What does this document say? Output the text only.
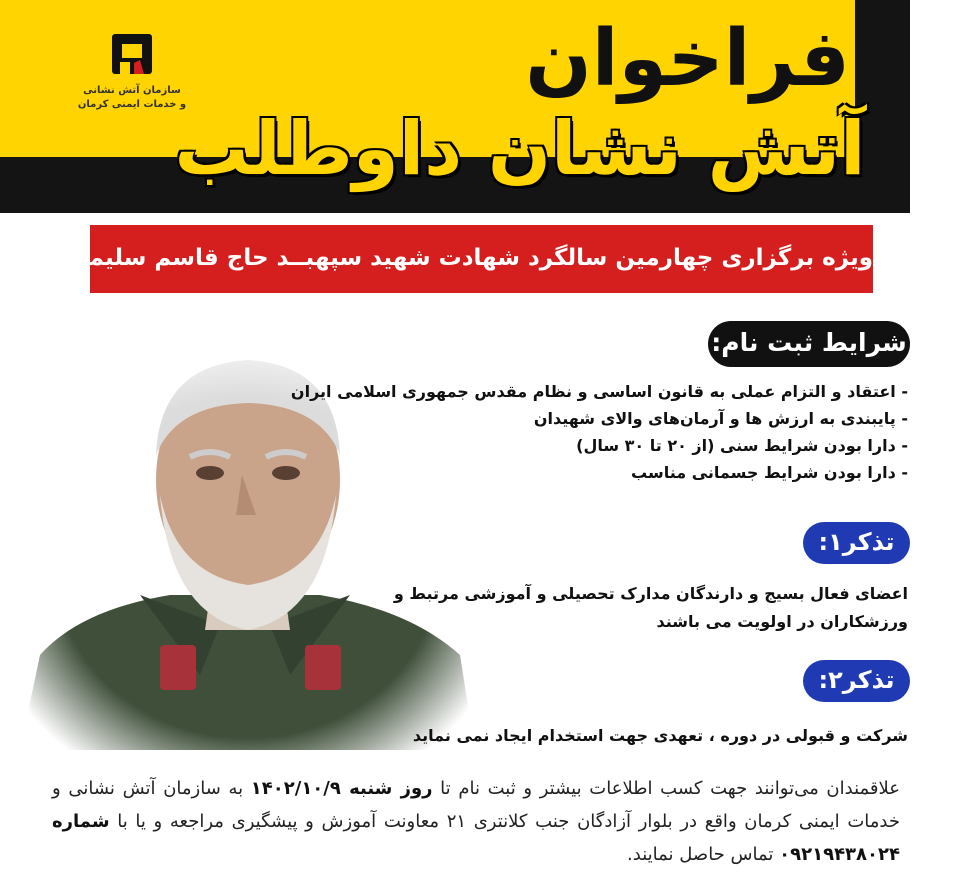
فراخوان
آتش نشان داوطلب
سازمان آتش نشانی
و خدمات ایمنی کرمان
ویژه برگزاری چهارمین سالگرد شهادت شهید سپهبــد حاج قاسم سلیمانی
شرایط ثبت نام:
- اعتقاد و التزام عملی به قانون اساسی و نظام مقدس جمهوری اسلامی ایران
- پایبندی به ارزش ها و آرمان‌های والای شهیدان
- دارا بودن شرایط سنی (از ۲۰ تا ۳۰ سال)
- دارا بودن شرایط جسمانی مناسب
تذکر۱:
اعضای فعال بسیج و دارندگان مدارک تحصیلی و آموزشی مرتبط و ورزشکاران در اولویت می باشند
تذکر۲:
شرکت و قبولی در دوره ، تعهدی جهت استخدام ایجاد نمی نماید
علاقمندان می‌توانند جهت کسب اطلاعات بیشتر و ثبت نام تا روز شنبه ۱۴۰۲/۱۰/۹ به سازمان آتش نشانی و خدمات ایمنی کرمان واقع در بلوار آزادگان جنب کلانتری ۲۱ معاونت آموزش و پیشگیری مراجعه و یا با شماره ۰۹۲۱۹۴۳۸۰۲۴ تماس حاصل نمایند.
